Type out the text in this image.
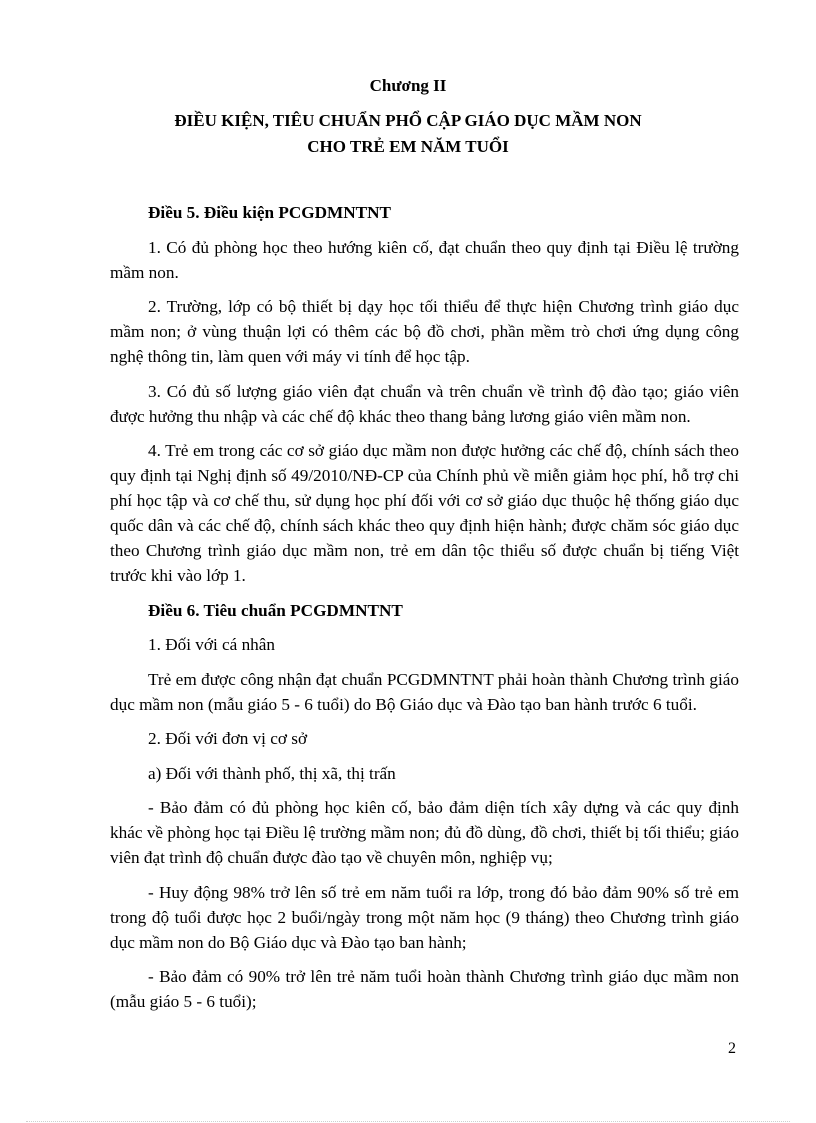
Chương II
ĐIỀU KIỆN, TIÊU CHUẨN PHỔ CẬP GIÁO DỤC MẦM NON
CHO TRẺ EM NĂM TUỔI

Điều 5. Điều kiện PCGDMNTNT

1. Có đủ phòng học theo hướng kiên cố, đạt chuẩn theo quy định tại Điều lệ trường mầm non.

2. Trường, lớp có bộ thiết bị dạy học tối thiểu để thực hiện Chương trình giáo dục mầm non; ở vùng thuận lợi có thêm các bộ đồ chơi, phần mềm trò chơi ứng dụng công nghệ thông tin, làm quen với máy vi tính để học tập.

3. Có đủ số lượng giáo viên đạt chuẩn và trên chuẩn về trình độ đào tạo; giáo viên được hưởng thu nhập và các chế độ khác theo thang bảng lương giáo viên mầm non.

4. Trẻ em trong các cơ sở giáo dục mầm non được hưởng các chế độ, chính sách theo quy định tại Nghị định số 49/2010/NĐ-CP của Chính phủ về miễn giảm học phí, hỗ trợ chi phí học tập và cơ chế thu, sử dụng học phí đối với cơ sở giáo dục thuộc hệ thống giáo dục quốc dân và các chế độ, chính sách khác theo quy định hiện hành; được chăm sóc giáo dục theo Chương trình giáo dục mầm non, trẻ em dân tộc thiểu số được chuẩn bị tiếng Việt trước khi vào lớp 1.

Điều 6. Tiêu chuẩn PCGDMNTNT

1. Đối với cá nhân

Trẻ em được công nhận đạt chuẩn PCGDMNTNT phải hoàn thành Chương trình giáo dục mầm non (mẫu giáo 5 - 6 tuổi) do Bộ Giáo dục và Đào tạo ban hành trước 6 tuổi.

2. Đối với đơn vị cơ sở

a) Đối với thành phố, thị xã, thị trấn

- Bảo đảm có đủ phòng học kiên cố, bảo đảm diện tích xây dựng và các quy định khác về phòng học tại Điều lệ trường mầm non; đủ đồ dùng, đồ chơi, thiết bị tối thiểu; giáo viên đạt trình độ chuẩn được đào tạo về chuyên môn, nghiệp vụ;

- Huy động 98% trở lên số trẻ em năm tuổi ra lớp, trong đó bảo đảm 90% số trẻ em trong độ tuổi được học 2 buổi/ngày trong một năm học (9 tháng) theo Chương trình giáo dục mầm non do Bộ Giáo dục và Đào tạo ban hành;

- Bảo đảm có 90% trở lên trẻ năm tuổi hoàn thành Chương trình giáo dục mầm non (mẫu giáo 5 - 6 tuổi);

2
